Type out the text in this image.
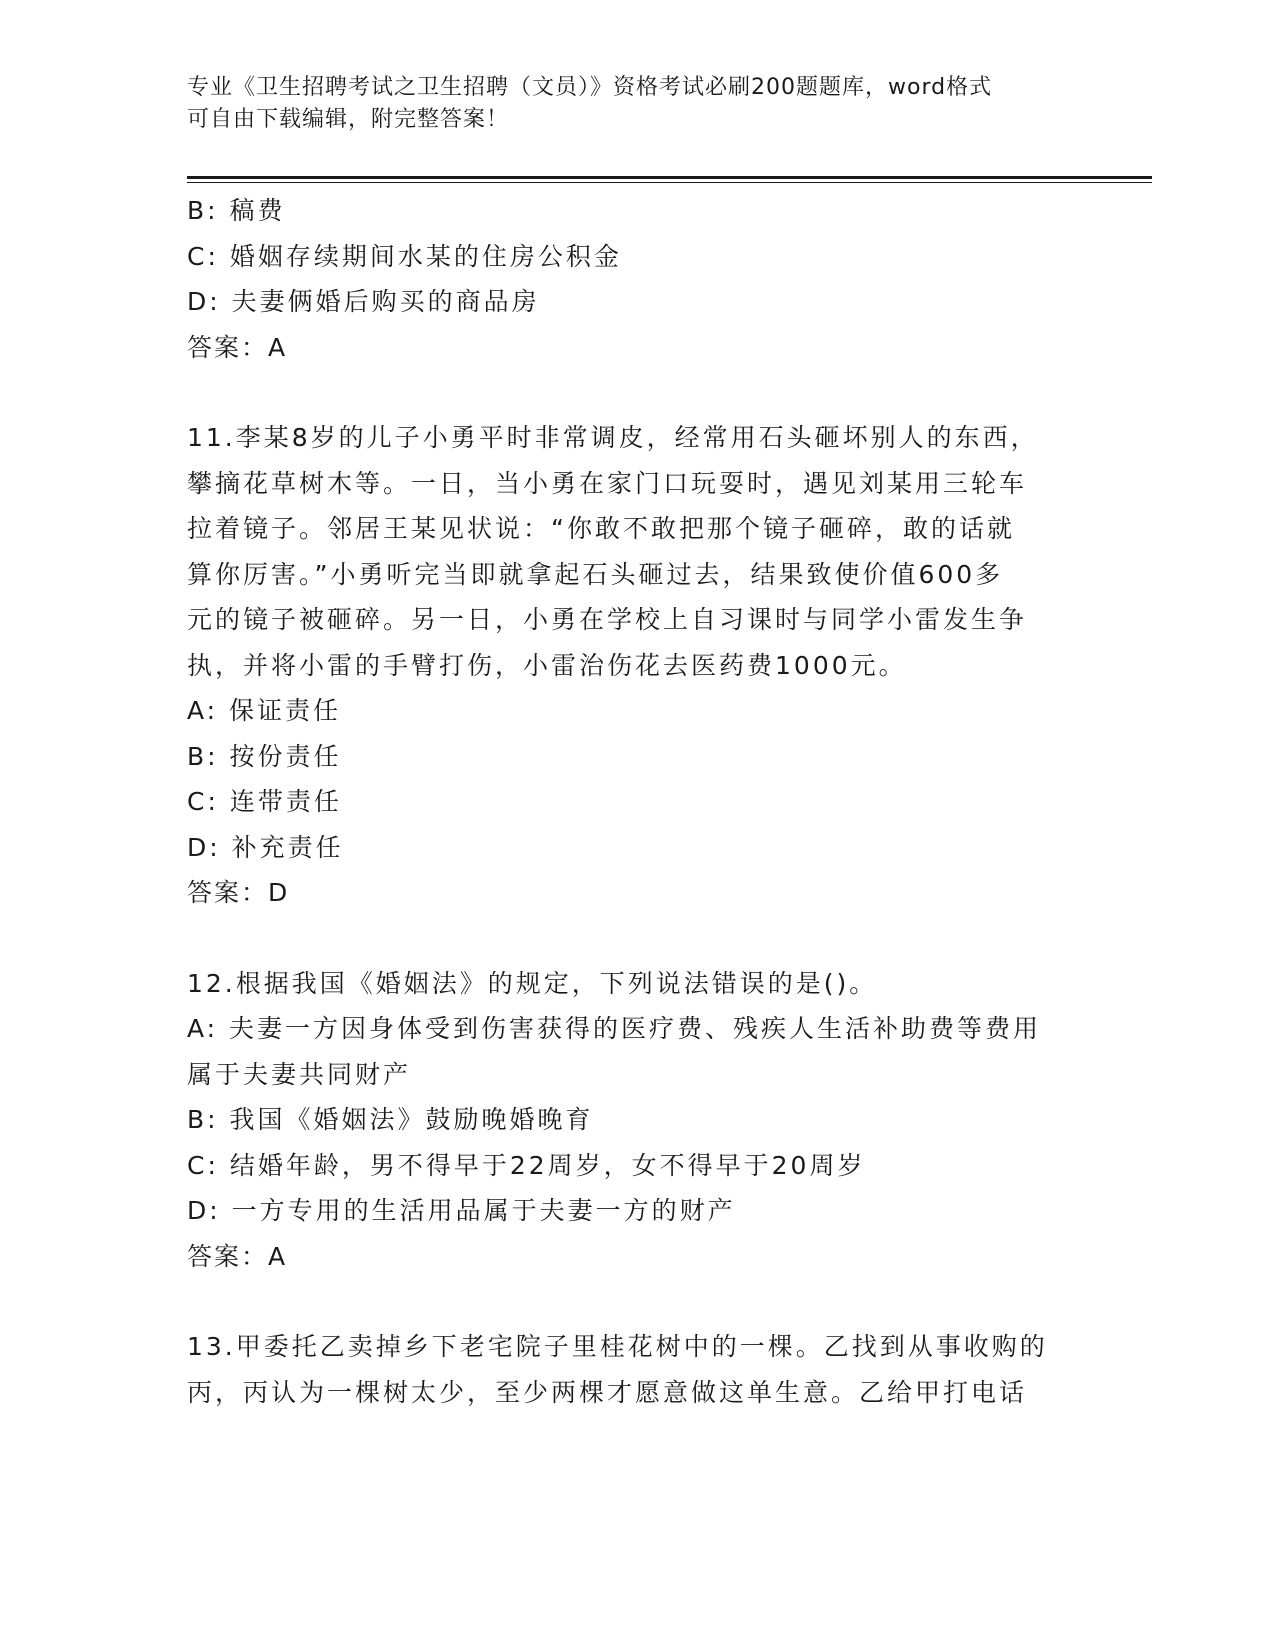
专业《卫生招聘考试之卫生招聘（文员）》资格考试必刷200题题库，word格式
可自由下载编辑，附完整答案！
B: 稿费
C: 婚姻存续期间水某的住房公积金
D: 夫妻俩婚后购买的商品房
答案：A
11.李某8岁的儿子小勇平时非常调皮，经常用石头砸坏别人的东西，
攀摘花草树木等。一日，当小勇在家门口玩耍时，遇见刘某用三轮车
拉着镜子。邻居王某见状说：“你敢不敢把那个镜子砸碎，敢的话就
算你厉害。”小勇听完当即就拿起石头砸过去，结果致使价值600多
元的镜子被砸碎。另一日，小勇在学校上自习课时与同学小雷发生争
执，并将小雷的手臂打伤，小雷治伤花去医药费1000元。
A: 保证责任
B: 按份责任
C: 连带责任
D: 补充责任
答案：D
12.根据我国《婚姻法》的规定，下列说法错误的是()。
A: 夫妻一方因身体受到伤害获得的医疗费、残疾人生活补助费等费用
属于夫妻共同财产
B: 我国《婚姻法》鼓励晚婚晚育
C: 结婚年龄，男不得早于22周岁，女不得早于20周岁
D: 一方专用的生活用品属于夫妻一方的财产
答案：A
13.甲委托乙卖掉乡下老宅院子里桂花树中的一棵。乙找到从事收购的
丙，丙认为一棵树太少，至少两棵才愿意做这单生意。乙给甲打电话
